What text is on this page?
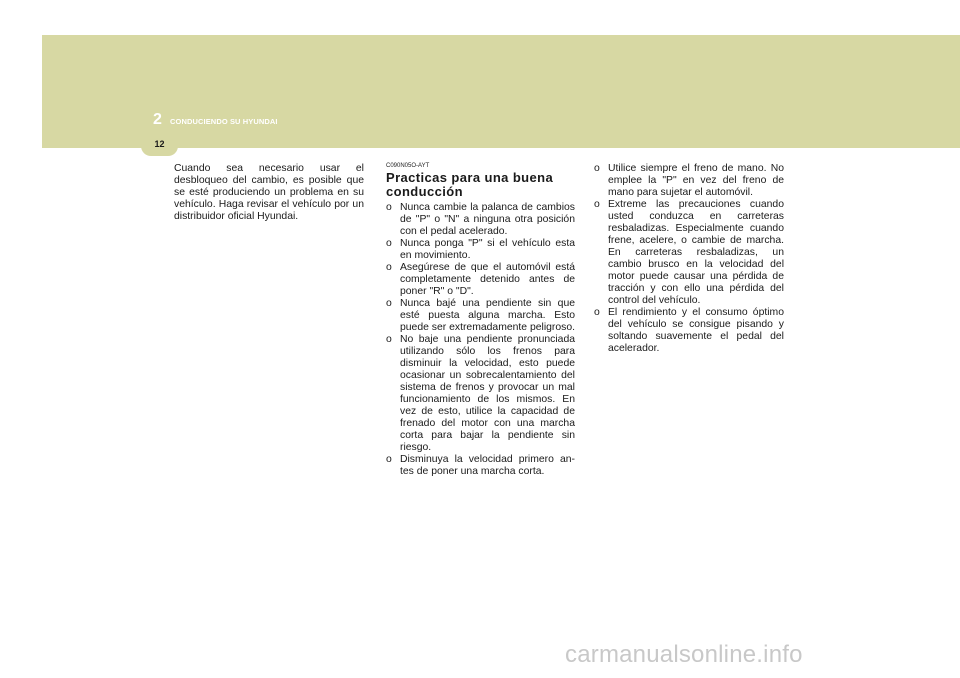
2 CONDUCIENDO SU HYUNDAI
12

Cuando sea necesario usar el desbloqueo del cambio, es posible que se esté produciendo un problema en su vehículo. Haga revisar el vehículo por un distribuidor oficial Hyundai.

C090N05O-AYT

Practicas para una buena conducción
o Nunca cambie la palanca de cambios de "P" o "N" a ninguna otra posición con el pedal acelerado.
o Nunca ponga "P" si el vehículo esta en movimiento.
o Asegúrese de que el automóvil está completamente detenido antes de poner "R" o "D".
o Nunca bajé una pendiente sin que esté puesta alguna marcha. Esto puede ser extremadamente peligroso.
o No baje una pendiente pronunciada utilizando sólo los frenos para disminuir la velocidad, esto puede ocasionar un sobrecalentamiento del sistema de frenos y provocar un mal funcionamiento de los mismos. En vez de esto, utilice la capacidad de frenado del motor con una marcha corta para bajar la pendiente sin riesgo.
o Disminuya la velocidad primero an- tes de poner una marcha corta.
o Utilice siempre el freno de mano. No emplee la "P" en vez del freno de mano para sujetar el automóvil.
o Extreme las precauciones cuando usted conduzca en carreteras resbaladizas. Especialmente cuando frene, acelere, o cambie de marcha. En carreteras resbaladizas, un cambio brusco en la velocidad del motor puede causar una pérdida de tracción y con ello una pérdida del control del vehículo.
o El rendimiento y el consumo óptimo del vehículo se consigue pisando y soltando suavemente el pedal del acelerador.
carmanualsonline.info
